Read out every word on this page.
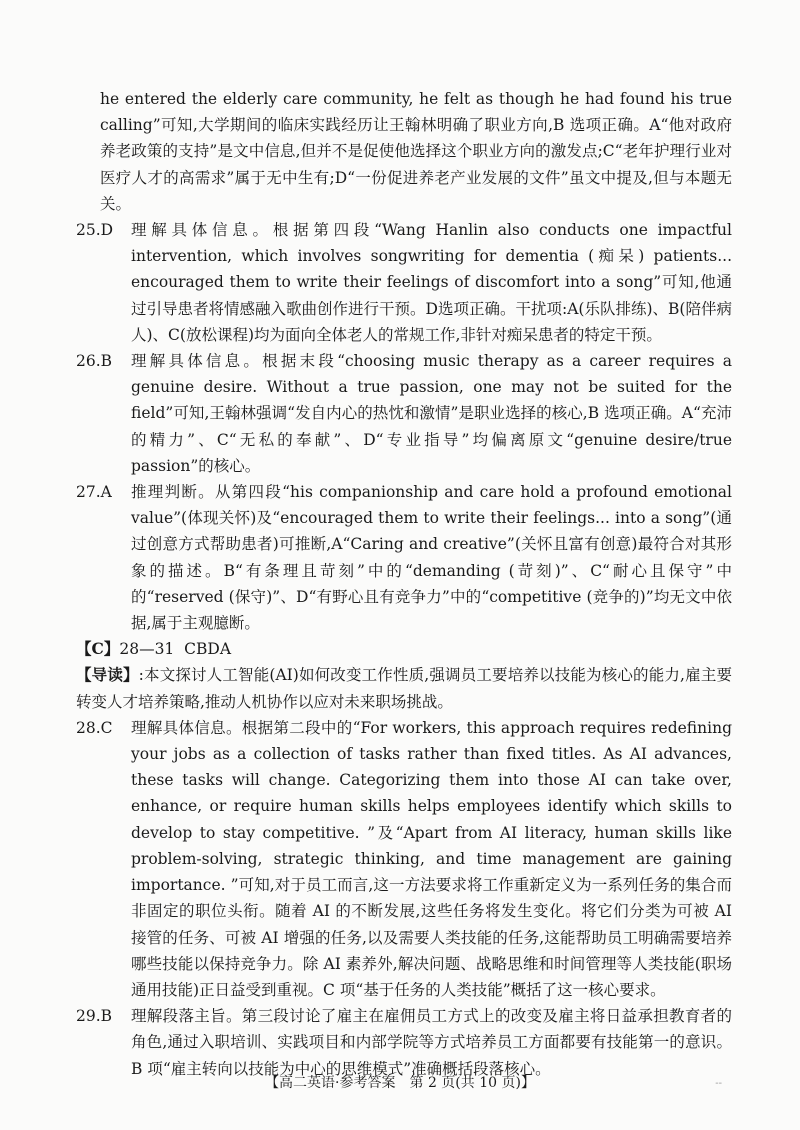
he entered the elderly care community, he felt as though he had found his true calling”可知,大学期间的临床实践经历让王翰林明确了职业方向,B 选项正确。A“他对政府养老政策的支持”是文中信息,但并不是促使他选择这个职业方向的激发点;C“老年护理行业对医疗人才的高需求”属于无中生有;D“一份促进养老产业发展的文件”虽文中提及,但与本题无关。

25.D 理解具体信息。根据第四段“Wang Hanlin also conducts one impactful intervention, which involves songwriting for dementia (痴呆) patients... encouraged them to write their feelings of discomfort into a song”可知,他通过引导患者将情感融入歌曲创作进行干预。D选项正确。干扰项:A(乐队排练)、B(陪伴病人)、C(放松课程)均为面向全体老人的常规工作,非针对痴呆患者的特定干预。

26.B 理解具体信息。根据末段“choosing music therapy as a career requires a genuine desire. Without a true passion, one may not be suited for the field”可知,王翰林强调“发自内心的热忱和激情”是职业选择的核心,B 选项正确。A“充沛的精力”、C“无私的奉献”、D“专业指导”均偏离原文“genuine desire/true passion”的核心。

27.A 推理判断。从第四段“his companionship and care hold a profound emotional value”(体现关怀)及“encouraged them to write their feelings... into a song”(通过创意方式帮助患者)可推断,A“Caring and creative”(关怀且富有创意)最符合对其形象的描述。B“有条理且苛刻”中的“demanding (苛刻)”、C“耐心且保守”中的“reserved (保守)”、D“有野心且有竞争力”中的“competitive (竞争的)”均无文中依据,属于主观臆断。

【C】28—31 CBDA

【导读】:本文探讨人工智能(AI)如何改变工作性质,强调员工要培养以技能为核心的能力,雇主要转变人才培养策略,推动人机协作以应对未来职场挑战。

28.C 理解具体信息。根据第二段中的“For workers, this approach requires redefining your jobs as a collection of tasks rather than fixed titles. As AI advances, these tasks will change. Categorizing them into those AI can take over, enhance, or require human skills helps employees identify which skills to develop to stay competitive. ”及“Apart from AI literacy, human skills like problem-solving, strategic thinking, and time management are gaining importance. ”可知,对于员工而言,这一方法要求将工作重新定义为一系列任务的集合而非固定的职位头衔。随着 AI 的不断发展,这些任务将发生变化。将它们分类为可被 AI 接管的任务、可被 AI 增强的任务,以及需要人类技能的任务,这能帮助员工明确需要培养哪些技能以保持竞争力。除 AI 素养外,解决问题、战略思维和时间管理等人类技能(职场通用技能)正日益受到重视。C 项“基于任务的人类技能”概括了这一核心要求。

29.B 理解段落主旨。第三段讨论了雇主在雇佣员工方式上的改变及雇主将日益承担教育者的角色,通过入职培训、实践项目和内部学院等方式培养员工方面都要有技能第一的意识。B 项“雇主转向以技能为中心的思维模式”准确概括段落核心。

【高二英语·参考答案　第 2 页(共 10 页)】	--
